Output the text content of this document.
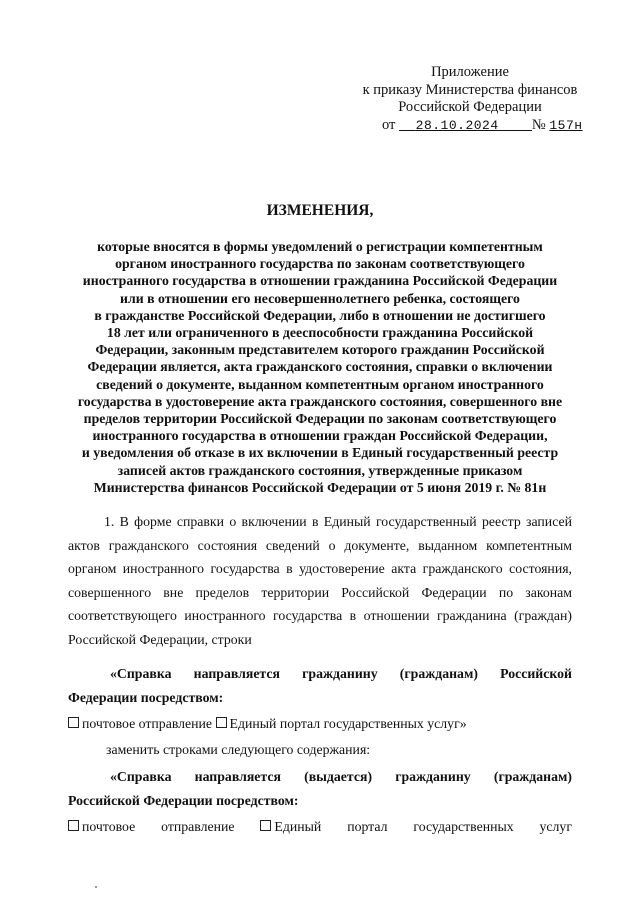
Приложение
к приказу Министерства финансов
Российской Федерации
от 28.10.2024 № 157н
ИЗМЕНЕНИЯ,
которые вносятся в формы уведомлений о регистрации компетентным
органом иностранного государства по законам соответствующего
иностранного государства в отношении гражданина Российской Федерации
или в отношении его несовершеннолетнего ребенка, состоящего
в гражданстве Российской Федерации, либо в отношении не достигшего
18 лет или ограниченного в дееспособности гражданина Российской
Федерации, законным представителем которого гражданин Российской
Федерации является, акта гражданского состояния, справки о включении
сведений о документе, выданном компетентным органом иностранного
государства в удостоверение акта гражданского состояния, совершенного вне
пределов территории Российской Федерации по законам соответствующего
иностранного государства в отношении граждан Российской Федерации,
и уведомления об отказе в их включении в Единый государственный реестр
записей актов гражданского состояния, утвержденные приказом
Министерства финансов Российской Федерации от 5 июня 2019 г. № 81н
1. В форме справки о включении в Единый государственный реестр записей
актов гражданского состояния сведений о документе, выданном компетентным
органом иностранного государства в удостоверение акта гражданского состояния,
совершенного вне пределов территории Российской Федерации по законам
соответствующего иностранного государства в отношении гражданина (граждан)
Российской Федерации, строки
«Справка направляется гражданину (гражданам) Российской
Федерации посредством:
почтовое отправление Единый портал государственных услуг»
заменить строками следующего содержания:
«Справка направляется (выдается) гражданину (гражданам)
Российской Федерации посредством:
почтовое отправление	Единый портал государственных услуг
